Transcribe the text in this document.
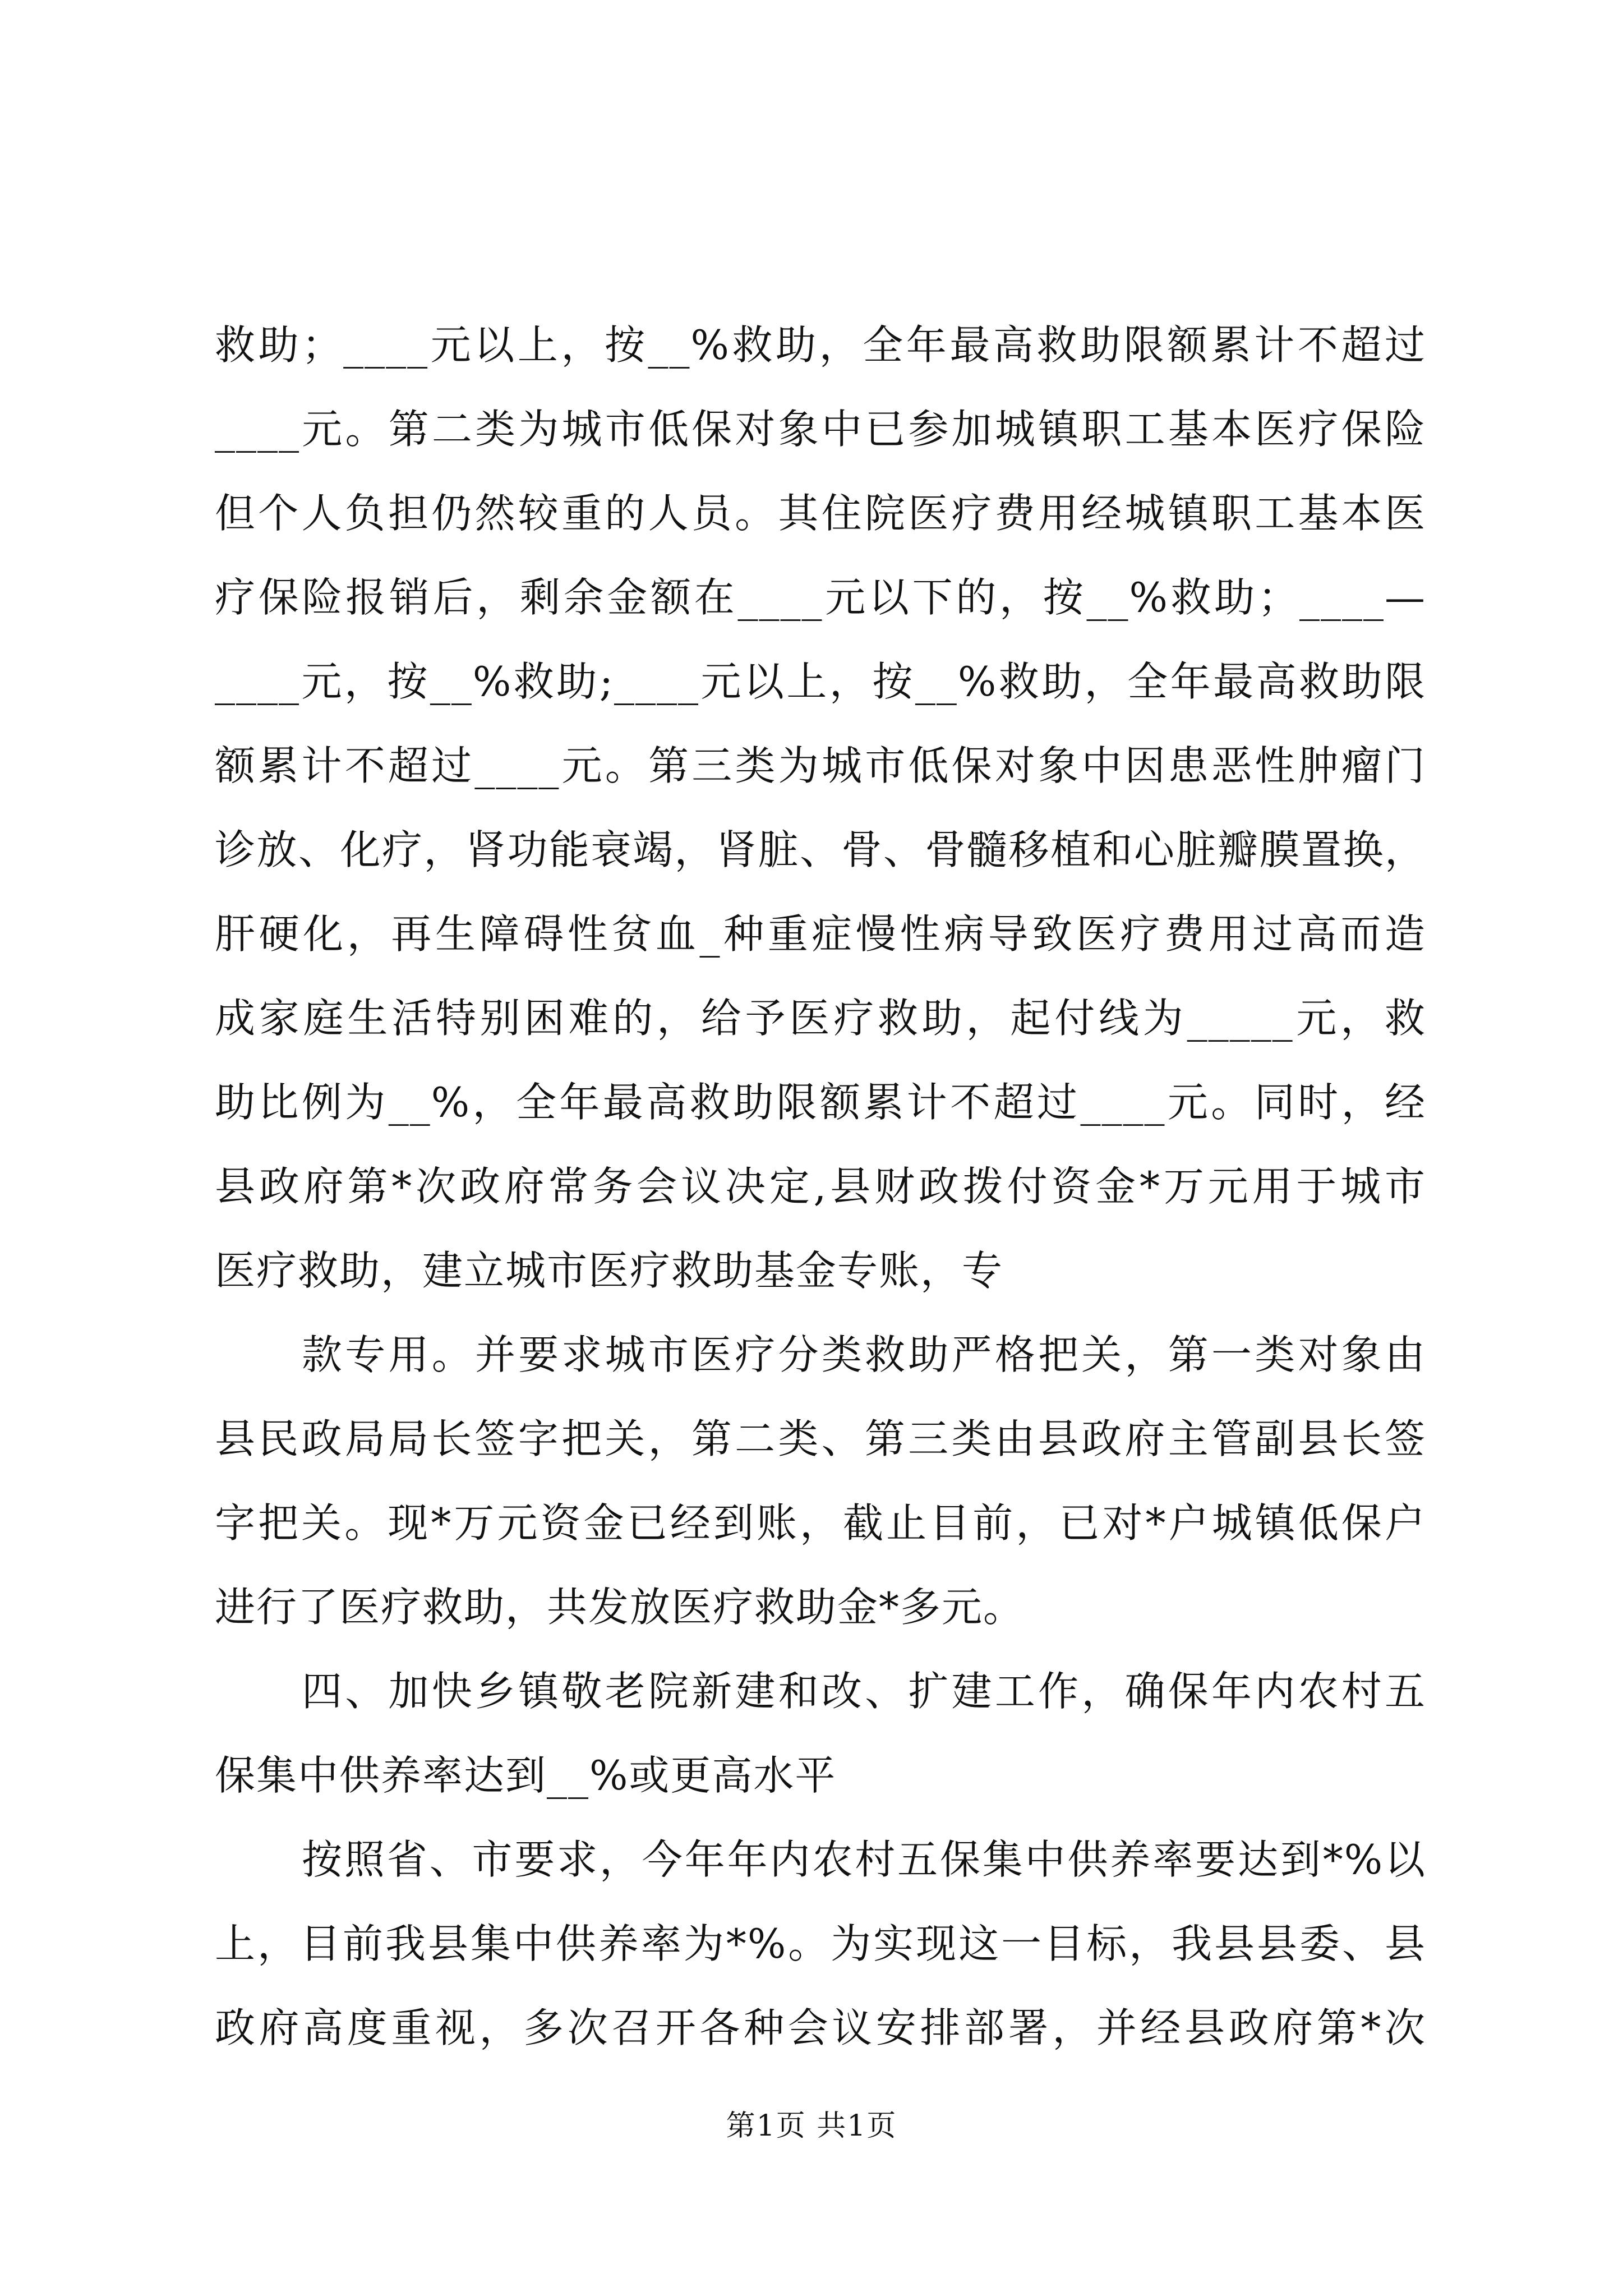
救助；____元以上，按__%救助，全年最高救助限额累计不超过
____元。第二类为城市低保对象中已参加城镇职工基本医疗保险
但个人负担仍然较重的人员。其住院医疗费用经城镇职工基本医
疗保险报销后，剩余金额在____元以下的，按__%救助；____—
____元，按__%救助;____元以上，按__%救助，全年最高救助限
额累计不超过____元。第三类为城市低保对象中因患恶性肿瘤门
诊放、化疗，肾功能衰竭，肾脏、骨、骨髓移植和心脏瓣膜置换，
肝硬化，再生障碍性贫血_种重症慢性病导致医疗费用过高而造
成家庭生活特别困难的，给予医疗救助，起付线为_____元，救
助比例为__%，全年最高救助限额累计不超过____元。同时，经
县政府第*次政府常务会议决定,县财政拨付资金*万元用于城市
医疗救助，建立城市医疗救助基金专账，专
款专用。并要求城市医疗分类救助严格把关，第一类对象由
县民政局局长签字把关，第二类、第三类由县政府主管副县长签
字把关。现*万元资金已经到账，截止目前，已对*户城镇低保户
进行了医疗救助，共发放医疗救助金*多元。
四、加快乡镇敬老院新建和改、扩建工作，确保年内农村五
保集中供养率达到__%或更高水平
按照省、市要求，今年年内农村五保集中供养率要达到*%以
上，目前我县集中供养率为*%。为实现这一目标，我县县委、县
政府高度重视，多次召开各种会议安排部署，并经县政府第*次
第1页 共1页
